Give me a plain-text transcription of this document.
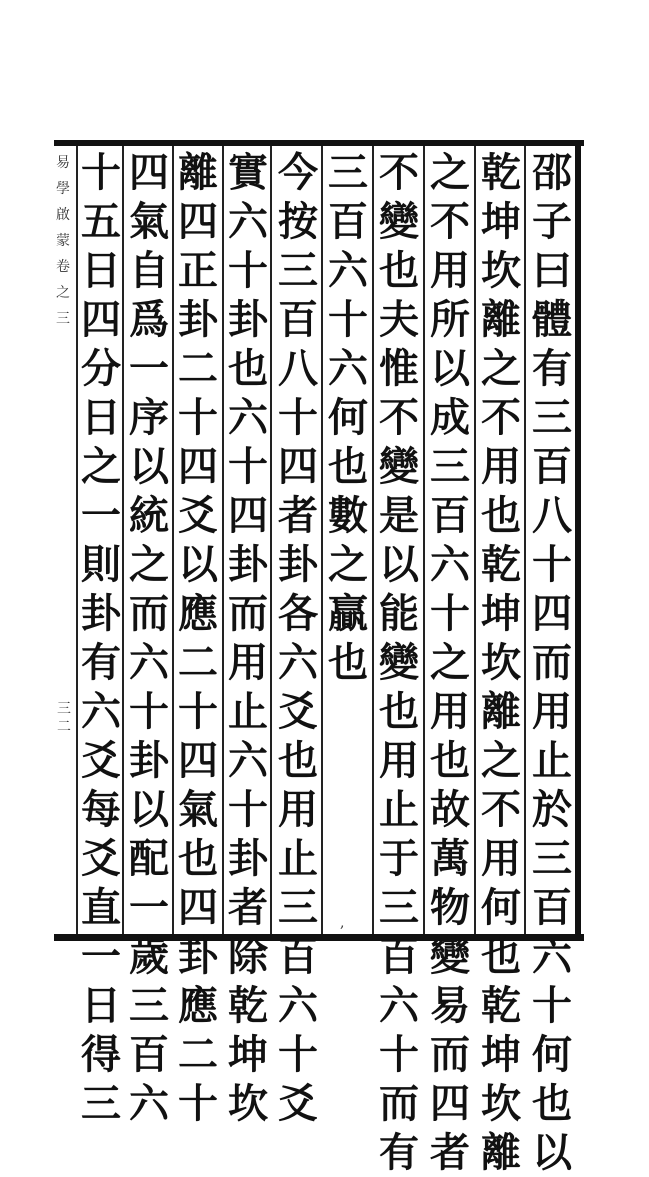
邵
子
曰
體
有
三
百
八
十
四
而
用
止
於
三
百
六
十
何
也
以
乾
坤
坎
離
之
不
用
也
乾
坤
坎
離
之
不
用
何
也
乾
坤
坎
離
之
不
用
所
以
成
三
百
六
十
之
用
也
故
萬
物
變
易
而
四
者
不
變
也
夫
惟
不
變
是
以
能
變
也
用
止
于
三
百
六
十
而
有
三
百
六
十
六
何
也
數
之
贏
也
今
按
三
百
八
十
四
者
卦
各
六
爻
也
用
止
三
百
六
十
爻
實
六
十
卦
也
六
十
四
卦
而
用
止
六
十
卦
者
除
乾
坤
坎
離
四
正
卦
二
十
四
爻
以
應
二
十
四
氣
也
四
卦
應
二
十
四
氣
自
爲
一
序
以
統
之
而
六
十
卦
以
配
一
歲
三
百
六
十
五
日
四
分
日
之
一
則
卦
有
六
爻
每
爻
直
一
日
得
三
易
學
啟
蒙
卷
之
三
三二
,
